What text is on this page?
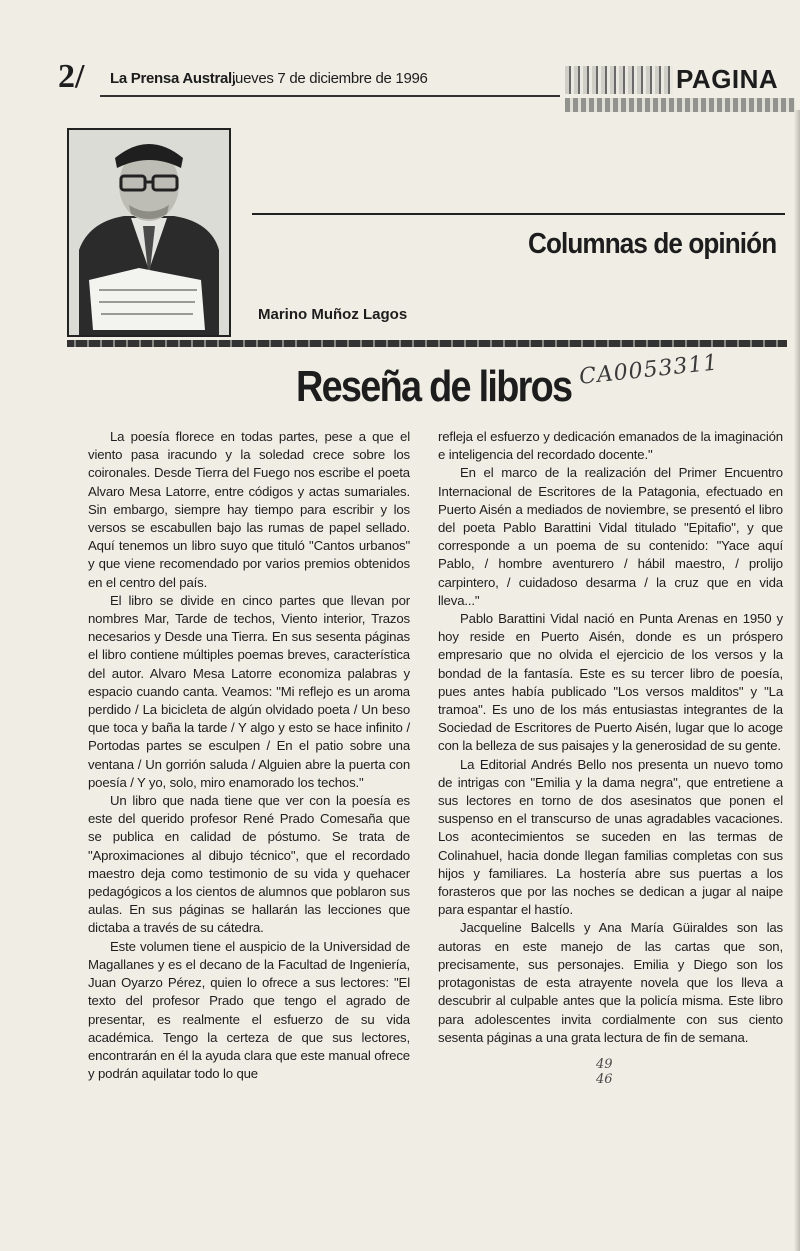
2/ La Prensa Austral,
jueves 7 de diciembre de 1996	PAGINA
Columnas de opinión
Marino Muñoz Lagos
Reseña de libros CA0053311

La poesía florece en todas partes, pese a que el viento pasa iracundo y la soledad crece sobre los coironales. Desde Tierra del Fuego nos escribe el poeta Alvaro Mesa Latorre, entre códigos y actas sumariales. Sin embargo, siempre hay tiempo para escribir y los versos se escabullen bajo las rumas de papel sellado. Aquí tenemos un libro suyo que tituló "Cantos urbanos" y que viene recomendado por varios premios obtenidos en el centro del país.

El libro se divide en cinco partes que llevan por nombres Mar, Tarde de techos, Viento interior, Trazos necesarios y Desde una Tierra. En sus sesenta páginas el libro contiene múltiples poemas breves, característica del autor. Alvaro Mesa Latorre economiza palabras y espacio cuando canta. Veamos: "Mi reflejo es un aroma perdido / La bicicleta de algún olvidado poeta / Un beso que toca y baña la tarde / Y algo y esto se hace infinito / Portodas partes se esculpen / En el patio sobre una ventana / Un gorrión saluda / Alguien abre la puerta con poesía / Y yo, solo, miro enamorado los techos."

Un libro que nada tiene que ver con la poesía es este del querido profesor René Prado Comesaña que se publica en calidad de póstumo. Se trata de "Aproximaciones al dibujo técnico", que el recordado maestro deja como testimonio de su vida y quehacer pedagógicos a los cientos de alumnos que poblaron sus aulas. En sus páginas se hallarán las lecciones que dictaba a través de su cátedra.

Este volumen tiene el auspicio de la Universidad de Magallanes y es el decano de la Facultad de Ingeniería, Juan Oyarzo Pérez, quien lo ofrece a sus lectores: "El texto del profesor Prado que tengo el agrado de presentar, es realmente el esfuerzo de su vida académica. Tengo la certeza de que sus lectores, encontrarán en él la ayuda clara que este manual ofrece y podrán aquilatar todo lo que

refleja el esfuerzo y dedicación emanados de la imaginación e inteligencia del recordado docente."

En el marco de la realización del Primer Encuentro Internacional de Escritores de la Patagonia, efectuado en Puerto Aisén a mediados de noviembre, se presentó el libro del poeta Pablo Barattini Vidal titulado "Epitafio", y que corresponde a un poema de su contenido: "Yace aquí Pablo, / hombre aventurero / hábil maestro, / prolijo carpintero, / cuidadoso desarma / la cruz que en vida lleva..."

Pablo Barattini Vidal nació en Punta Arenas en 1950 y hoy reside en Puerto Aisén, donde es un próspero empresario que no olvida el ejercicio de los versos y la bondad de la fantasía. Este es su tercer libro de poesía, pues antes había publicado "Los versos malditos" y "La tramoa". Es uno de los más entusiastas integrantes de la Sociedad de Escritores de Puerto Aisén, lugar que lo acoge con la belleza de sus paisajes y la generosidad de su gente.

La Editorial Andrés Bello nos presenta un nuevo tomo de intrigas con "Emilia y la dama negra", que entretiene a sus lectores en torno de dos asesinatos que ponen el suspenso en el transcurso de unas agradables vacaciones. Los acontecimientos se suceden en las termas de Colinahuel, hacia donde llegan familias completas con sus hijos y familiares. La hostería abre sus puertas a los forasteros que por las noches se dedican a jugar al naipe para espantar el hastío.

Jacqueline Balcells y Ana María Güiraldes son las autoras en este manejo de las cartas que son, precisamente, sus personajes. Emilia y Diego son los protagonistas de esta atrayente novela que los lleva a descubrir al culpable antes que la policía misma. Este libro para adolescentes invita cordialmente con sus ciento sesenta páginas a una grata lectura de fin de semana.

49 46
